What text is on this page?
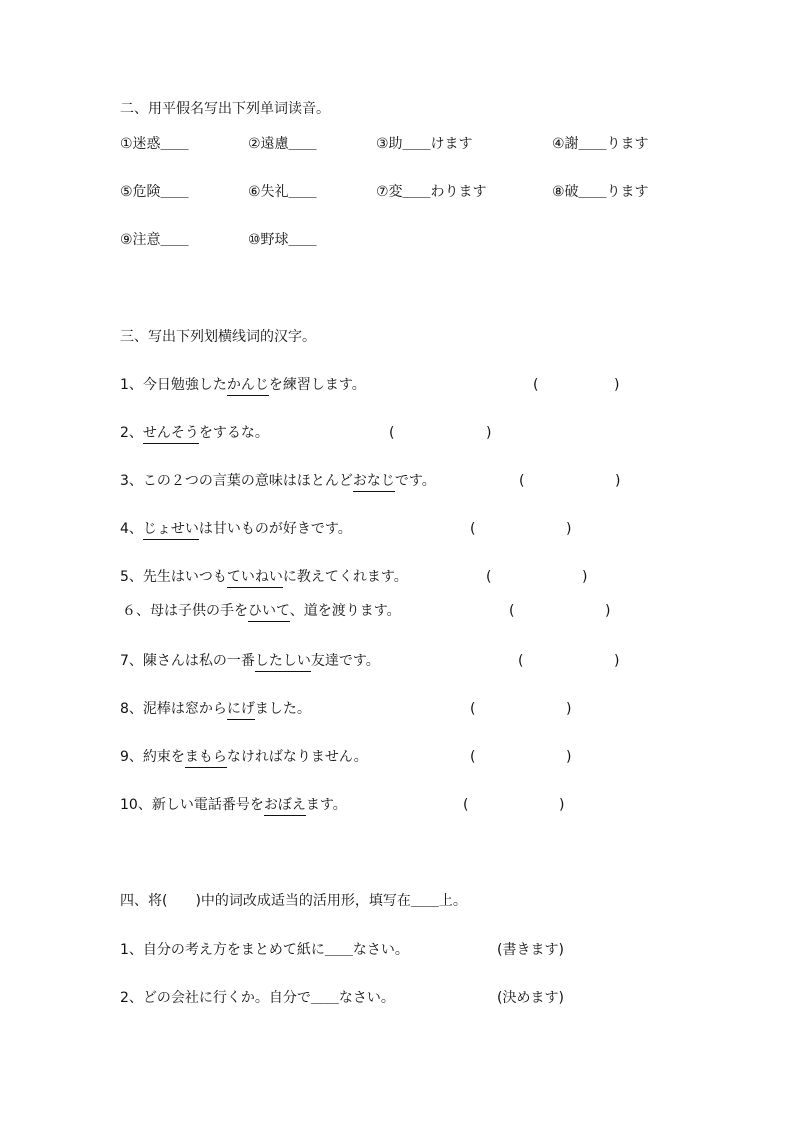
二、用平假名写出下列单词读音。
①迷惑＿＿	②遠慮＿＿	③助＿＿けます	④謝＿＿ります
⑤危険＿＿	⑥失礼＿＿	⑦変＿＿わります	⑧破＿＿ります
⑨注意＿＿	⑩野球＿＿
三、写出下列划横线词的汉字。
1、今日勉強したかんじを練習します。	(	)
2、せんそうをするな。	(	)
3、この２つの言葉の意味はほとんどおなじです。	(	)
4、じょせいは甘いものが好きです。	(	)
5、先生はいつもていねいに教えてくれます。	(	)
６、母は子供の手をひいて、道を渡ります。	(	)
7、陳さんは私の一番したしい友達です。	(	)
8、泥棒は窓からにげました。	(	)
9、約束をまもらなければなりません。	(	)
10、新しい電話番号をおぼえます。	(	)
四、将(　　)中的词改成适当的活用形，填写在＿＿上。
1、自分の考え方をまとめて紙に＿＿なさい。	(書きます)
2、どの会社に行くか。自分で＿＿なさい。	(決めます)
